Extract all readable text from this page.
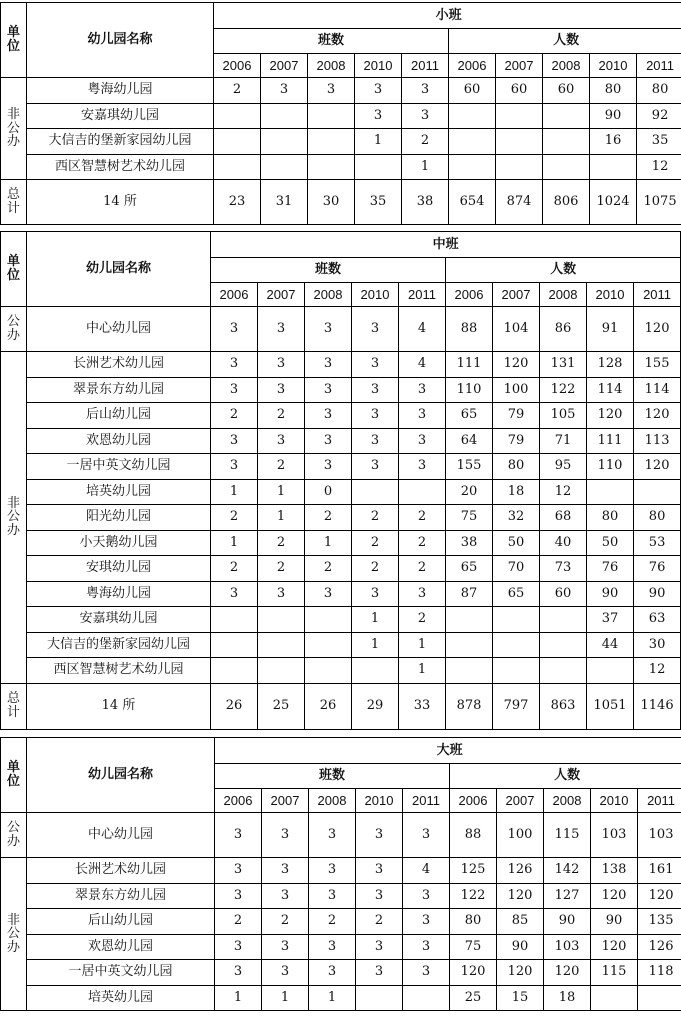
单
位	幼儿园名称	小班									
		班数					人数				
		2006	2007	2008	2010	2011	2006	2007	2008	2010	2011
非
公
办	粤海幼儿园	2	3	3	3	3	60	60	60	80	80
	安嘉琪幼儿园				3	3				90	92
	大信吉的堡新家园幼儿园				1	2				16	35
	西区智慧树艺术幼儿园					1					12
总
计	14 所	23	31	30	35	38	654	874	806	1024	1075
单
位	幼儿园名称	中班									
		班数					人数				
		2006	2007	2008	2010	2011	2006	2007	2008	2010	2011
公
办	中心幼儿园	3	3	3	3	4	88	104	86	91	120
非
公
办	长洲艺术幼儿园	3	3	3	3	4	111	120	131	128	155
	翠景东方幼儿园	3	3	3	3	3	110	100	122	114	114
	后山幼儿园	2	2	3	3	3	65	79	105	120	120
	欢恩幼儿园	3	3	3	3	3	64	79	71	111	113
	一居中英文幼儿园	3	2	3	3	3	155	80	95	110	120
	培英幼儿园	1	1	0			20	18	12		
	阳光幼儿园	2	1	2	2	2	75	32	68	80	80
	小天鹅幼儿园	1	2	1	2	2	38	50	40	50	53
	安琪幼儿园	2	2	2	2	2	65	70	73	76	76
	粤海幼儿园	3	3	3	3	3	87	65	60	90	90
	安嘉琪幼儿园				1	2				37	63
	大信吉的堡新家园幼儿园				1	1				44	30
	西区智慧树艺术幼儿园					1					12
总
计	14 所	26	25	26	29	33	878	797	863	1051	1146
单
位	幼儿园名称	大班									
		班数					人数				
		2006	2007	2008	2010	2011	2006	2007	2008	2010	2011
公
办	中心幼儿园	3	3	3	3	3	88	100	115	103	103
非
公
办	长洲艺术幼儿园	3	3	3	3	4	125	126	142	138	161
	翠景东方幼儿园	3	3	3	3	3	122	120	127	120	120
	后山幼儿园	2	2	2	2	3	80	85	90	90	135
	欢恩幼儿园	3	3	3	3	3	75	90	103	120	126
	一居中英文幼儿园	3	3	3	3	3	120	120	120	115	118
	培英幼儿园	1	1	1			25	15	18		
